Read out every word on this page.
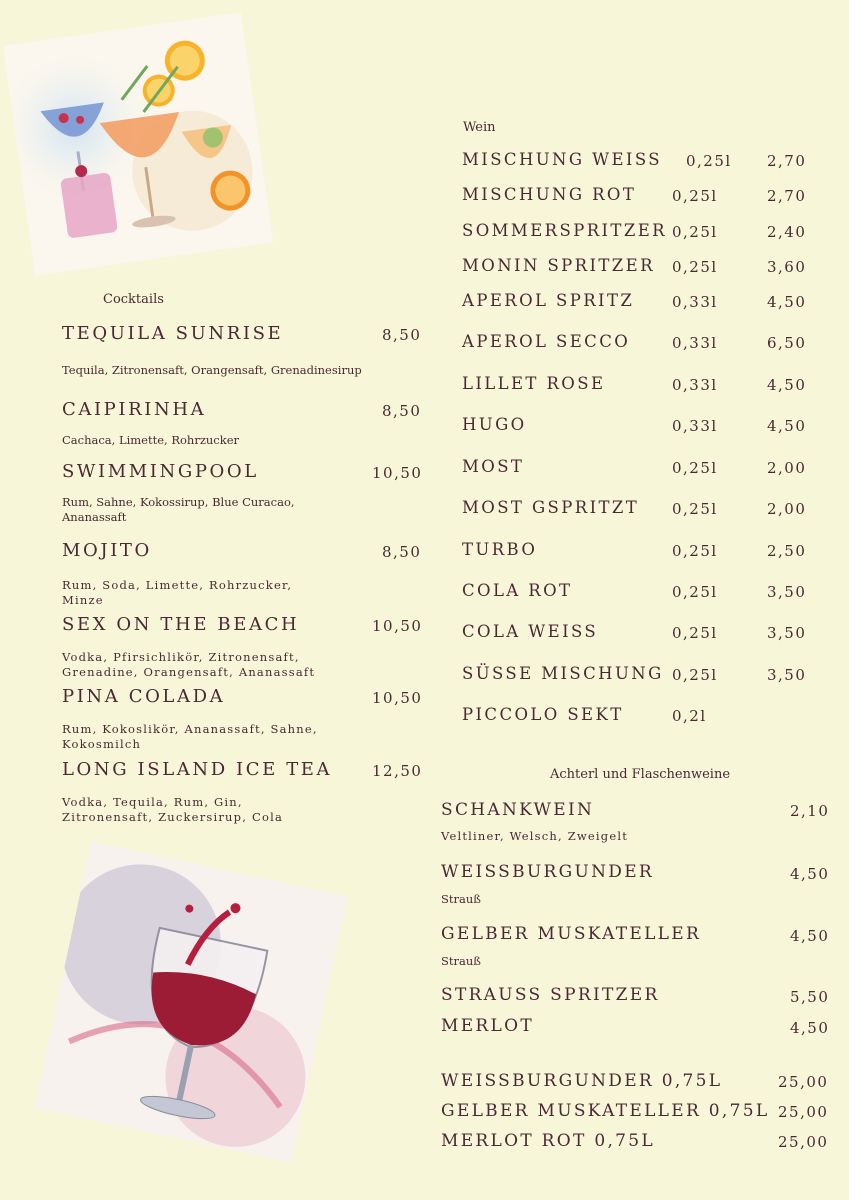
Cocktails
TEQUILA SUNRISE	8,50
Tequila, Zitronensaft, Orangensaft, Grenadinesirup
CAIPIRINHA	8,50
Cachaca, Limette, Rohrzucker
SWIMMINGPOOL	10,50
Rum, Sahne, Kokossirup, Blue Curacao, Ananassaft
MOJITO	8,50
Rum, Soda, Limette, Rohrzucker, Minze
SEX ON THE BEACH	10,50
Vodka, Pfirsichlikör, Zitronensaft, Grenadine, Orangensaft, Ananassaft
PINA COLADA	10,50
Rum, Kokoslikör, Ananassaft, Sahne, Kokosmilch
LONG ISLAND ICE TEA	12,50
Vodka, Tequila, Rum, Gin, Zitronensaft, Zuckersirup, Cola
Wein
MISCHUNG WEISS 0,25l 2,70
MISCHUNG ROT 0,25l	2,70
SOMMERSPRITZER 0,25l	2,40
MONIN SPRITZER 0,25l	3,60
APEROL SPRITZ	0,33l	4,50
APEROL SECCO	0,33l	6,50
LILLET ROSE	0,33l	4,50
HUGO	0,33l	4,50
MOST	0,25l	2,00
MOST GSPRITZT 0,25l	2,00
TURBO	0,25l	2,50
COLA ROT	0,25l	3,50
COLA WEISS	0,25l	3,50
SÜSSE MISCHUNG 0,25l	3,50
PICCOLO SEKT	0,2l
Achterl und Flaschenweine
SCHANKWEIN	2,10
Veltliner, Welsch, Zweigelt
WEISSBURGUNDER	4,50
Strauß
GELBER MUSKATELLER	4,50
Strauß
STRAUSS SPRITZER	5,50
MERLOT	4,50
WEISSBURGUNDER 0,75L	25,00
GELBER MUSKATELLER 0,75L 25,00
MERLOT ROT 0,75L	25,00
